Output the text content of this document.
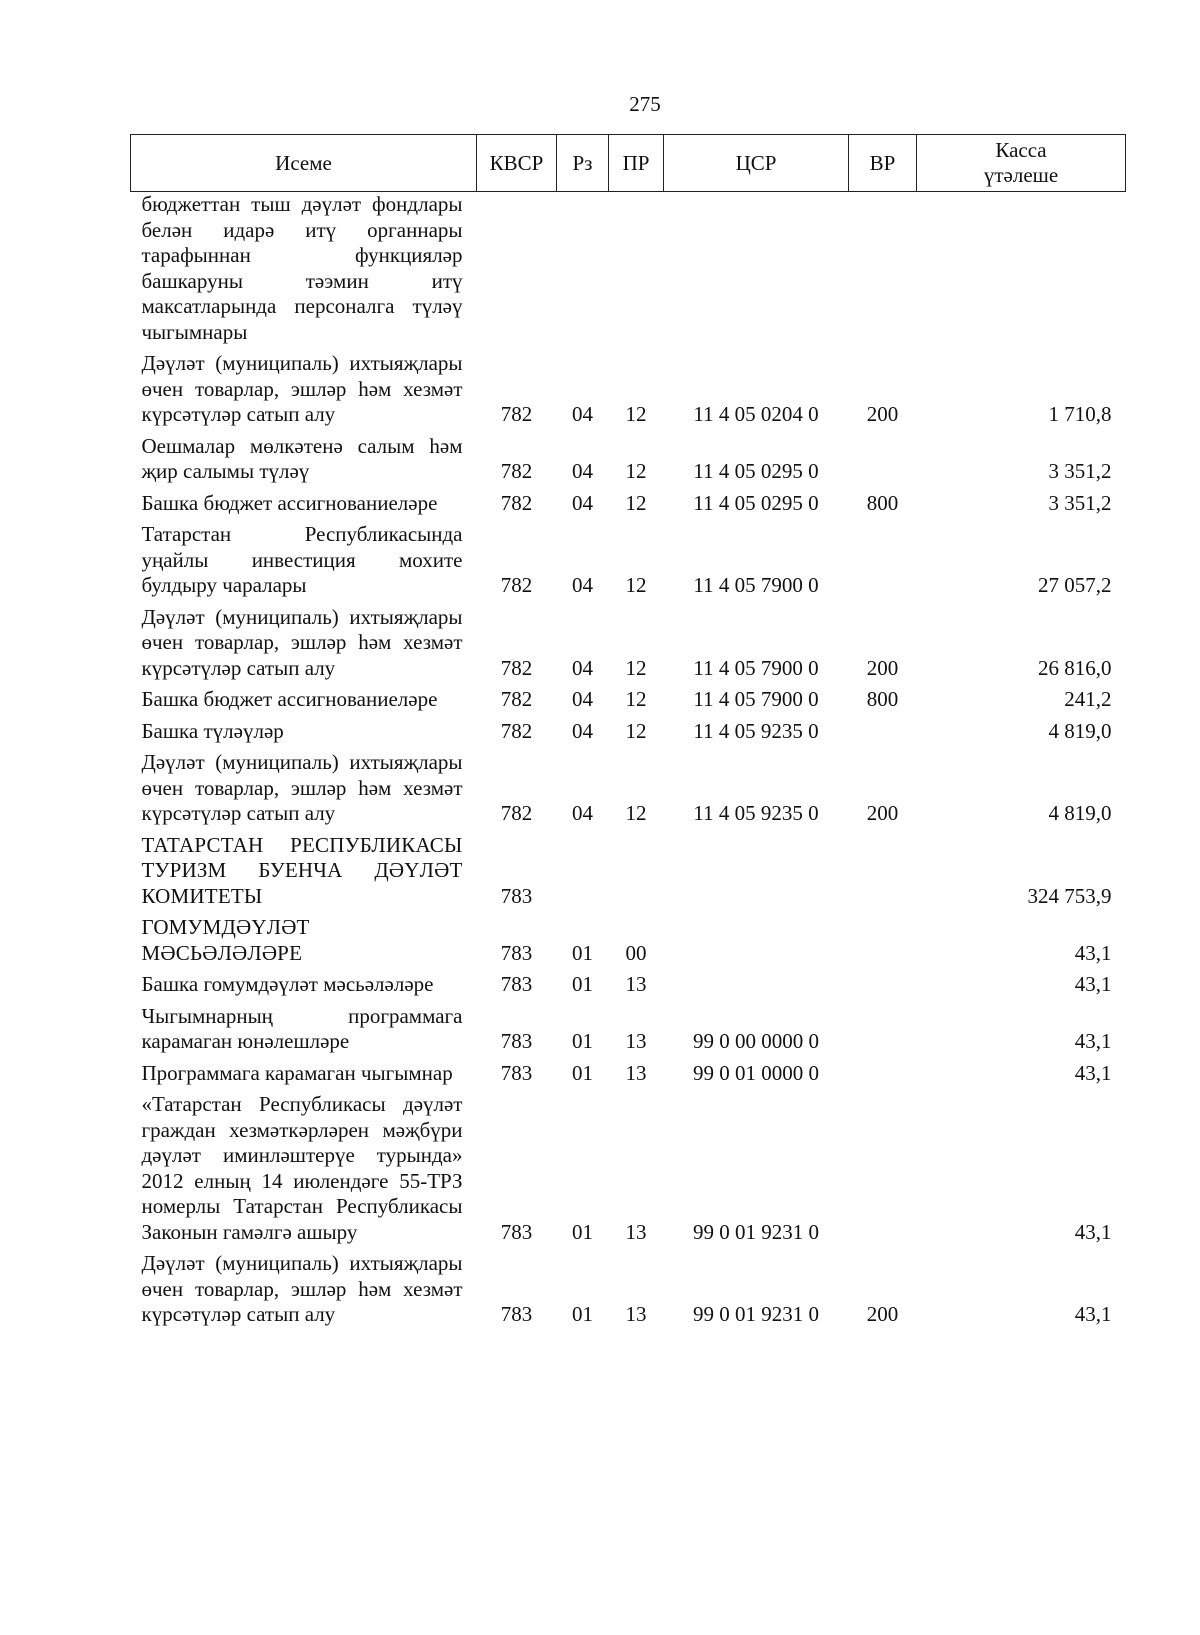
275
Исеме	КВСР	Рз	ПР	ЦСР	ВР	Касса
үтәлеше

бюджеттан тыш дәүләт фондлары белән идарә итү органнары тарафыннан функцияләр башкаруны тәэмин итү максатларында персоналга түләү чыгымнары						
Дәүләт (муниципаль) ихтыяҗлары өчен товарлар, эшләр һәм хезмәт күрсәтүләр сатып алу	782	04	12	11 4 05 0204 0	200	1 710,8
Оешмалар мөлкәтенә салым һәм җир салымы түләү	782	04	12	11 4 05 0295 0		3 351,2
Башка бюджет ассигнованиеләре	782	04	12	11 4 05 0295 0	800	3 351,2
Татарстан Республикасында уңайлы инвестиция мохите булдыру чаралары	782	04	12	11 4 05 7900 0		27 057,2
Дәүләт (муниципаль) ихтыяҗлары өчен товарлар, эшләр һәм хезмәт күрсәтүләр сатып алу	782	04	12	11 4 05 7900 0	200	26 816,0
Башка бюджет ассигнованиеләре	782	04	12	11 4 05 7900 0	800	241,2
Башка түләүләр	782	04	12	11 4 05 9235 0		4 819,0
Дәүләт (муниципаль) ихтыяҗлары өчен товарлар, эшләр һәм хезмәт күрсәтүләр сатып алу	782	04	12	11 4 05 9235 0	200	4 819,0
ТАТАРСТАН РЕСПУБЛИКАСЫ ТУРИЗМ БУЕНЧА ДӘҮЛӘТ КОМИТЕТЫ	783					324 753,9
ГОМУМДӘҮЛӘТ МӘСЬӘЛӘЛӘРЕ	783	01	00			43,1
Башка гомумдәүләт мәсьәләләре	783	01	13			43,1
Чыгымнарның программага карамаган юнәлешләре	783	01	13	99 0 00 0000 0		43,1
Программага карамаган чыгымнар	783	01	13	99 0 01 0000 0		43,1
«Татарстан Республикасы дәүләт граждан хезмәткәрләрен мәҗбүри дәүләт иминләштерүе турында» 2012 елның 14 июлендәге 55-ТРЗ номерлы Татарстан Республикасы Законын гамәлгә ашыру	783	01	13	99 0 01 9231 0		43,1
Дәүләт (муниципаль) ихтыяҗлары өчен товарлар, эшләр һәм хезмәт күрсәтүләр сатып алу	783	01	13	99 0 01 9231 0	200	43,1
